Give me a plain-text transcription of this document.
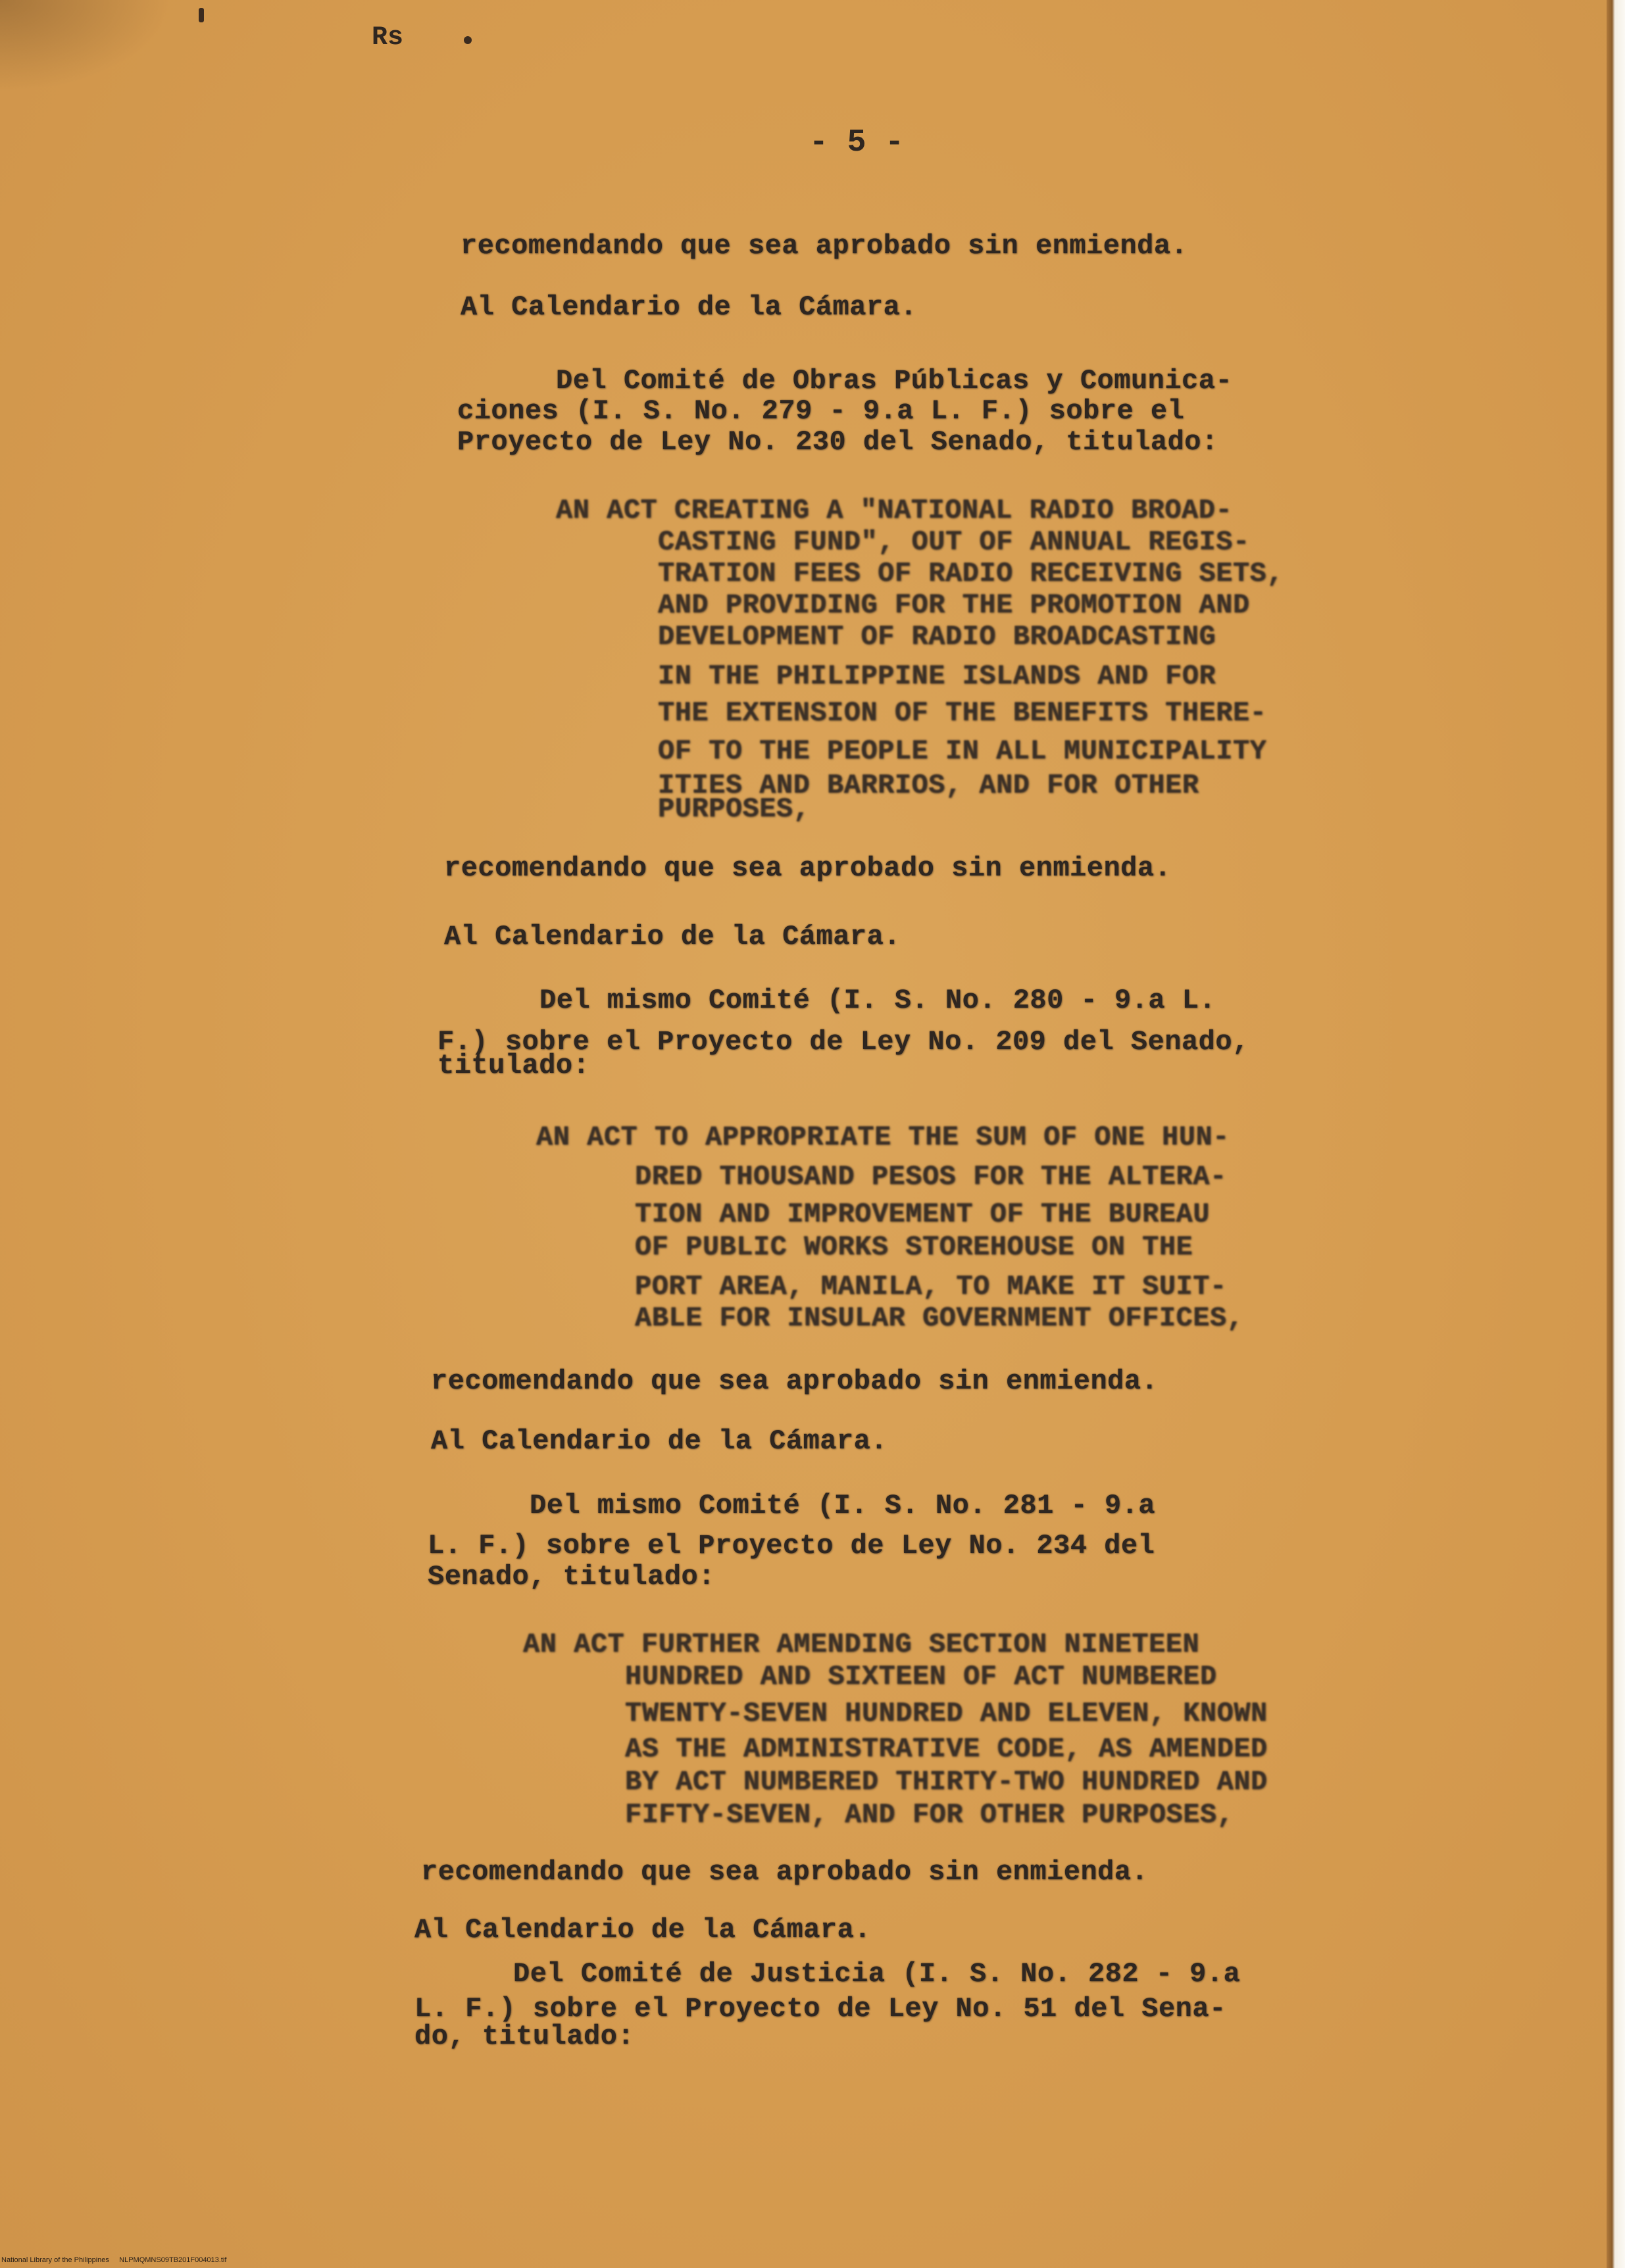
Rs
- 5 -
recomendando que sea aprobado sin enmienda.
Al Calendario de la Cámara.
Del Comité de Obras Públicas y Comunica-
ciones (I. S. No. 279 - 9.a L. F.) sobre el
Proyecto de Ley No. 230 del Senado, titulado:
AN ACT CREATING A "NATIONAL RADIO BROAD-
CASTING FUND", OUT OF ANNUAL REGIS-
TRATION FEES OF RADIO RECEIVING SETS,
AND PROVIDING FOR THE PROMOTION AND
DEVELOPMENT OF RADIO BROADCASTING
IN THE PHILIPPINE ISLANDS AND FOR
THE EXTENSION OF THE BENEFITS THERE-
OF TO THE PEOPLE IN ALL MUNICIPALITY
ITIES AND BARRIOS, AND FOR OTHER
PURPOSES,
recomendando que sea aprobado sin enmienda.
Al Calendario de la Cámara.
Del mismo Comité (I. S. No. 280 - 9.a L.
F.) sobre el Proyecto de Ley No. 209 del Senado,
titulado:
AN ACT TO APPROPRIATE THE SUM OF ONE HUN-
DRED THOUSAND PESOS FOR THE ALTERA-
TION AND IMPROVEMENT OF THE BUREAU
OF PUBLIC WORKS STOREHOUSE ON THE
PORT AREA, MANILA, TO MAKE IT SUIT-
ABLE FOR INSULAR GOVERNMENT OFFICES,
recomendando que sea aprobado sin enmienda.
Al Calendario de la Cámara.
Del mismo Comité (I. S. No. 281 - 9.a
L. F.) sobre el Proyecto de Ley No. 234 del
Senado, titulado:
AN ACT FURTHER AMENDING SECTION NINETEEN
HUNDRED AND SIXTEEN OF ACT NUMBERED
TWENTY-SEVEN HUNDRED AND ELEVEN, KNOWN
AS THE ADMINISTRATIVE CODE, AS AMENDED
BY ACT NUMBERED THIRTY-TWO HUNDRED AND
FIFTY-SEVEN, AND FOR OTHER PURPOSES,
recomendando que sea aprobado sin enmienda.
Al Calendario de la Cámara.
Del Comité de Justicia (I. S. No. 282 - 9.a
L. F.) sobre el Proyecto de Ley No. 51 del Sena-
do, titulado:
National Library of the Philippines     NLPMQMNS09TB201F004013.tif
